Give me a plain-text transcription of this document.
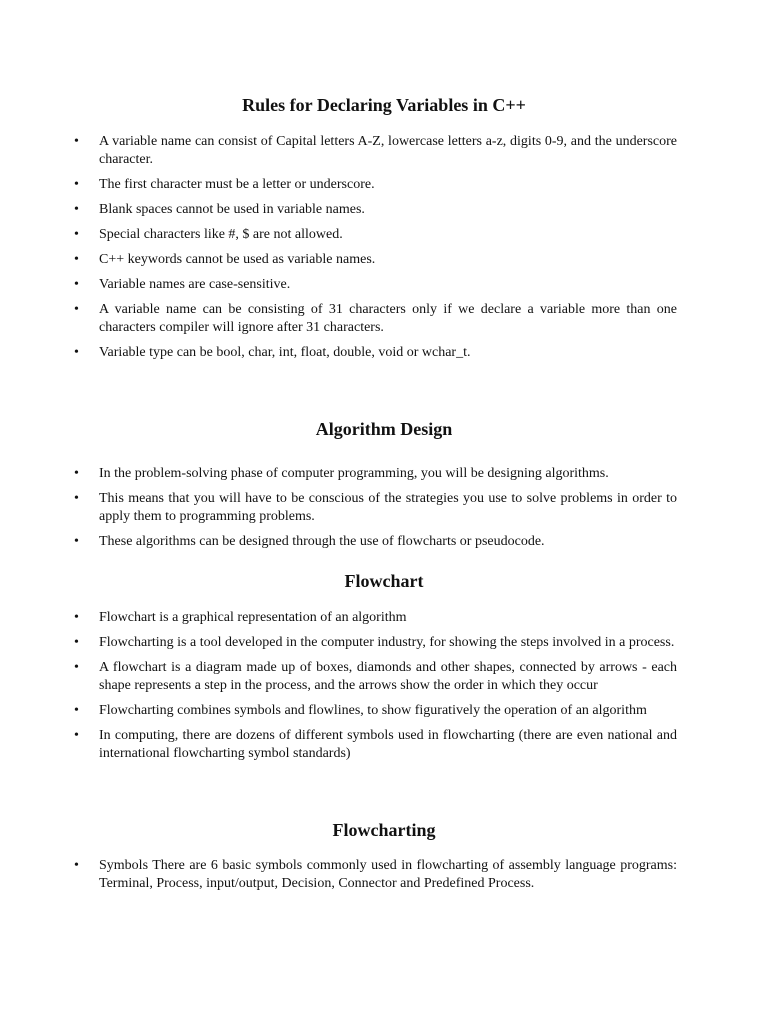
Rules for Declaring Variables in C++
• A variable name can consist of Capital letters A-Z, lowercase letters a-z, digits 0-9, and the underscore character.
• The first character must be a letter or underscore.
• Blank spaces cannot be used in variable names.
• Special characters like #, $ are not allowed.
• C++ keywords cannot be used as variable names.
• Variable names are case-sensitive.
• A variable name can be consisting of 31 characters only if we declare a variable more than one characters compiler will ignore after 31 characters.
• Variable type can be bool, char, int, float, double, void or wchar_t.
Algorithm Design
• In the problem-solving phase of computer programming, you will be designing algorithms.
• This means that you will have to be conscious of the strategies you use to solve problems in order to apply them to programming problems.
• These algorithms can be designed through the use of flowcharts or pseudocode.
Flowchart
• Flowchart is a graphical representation of an algorithm
• Flowcharting is a tool developed in the computer industry, for showing the steps involved in a process.
• A flowchart is a diagram made up of boxes, diamonds and other shapes, connected by arrows - each shape represents a step in the process, and the arrows show the order in which they occur
• Flowcharting combines symbols and flowlines, to show figuratively the operation of an algorithm
• In computing, there are dozens of different symbols used in flowcharting (there are even national and international flowcharting symbol standards)
Flowcharting
• Symbols There are 6 basic symbols commonly used in flowcharting of assembly language programs: Terminal, Process, input/output, Decision, Connector and Predefined Process.
